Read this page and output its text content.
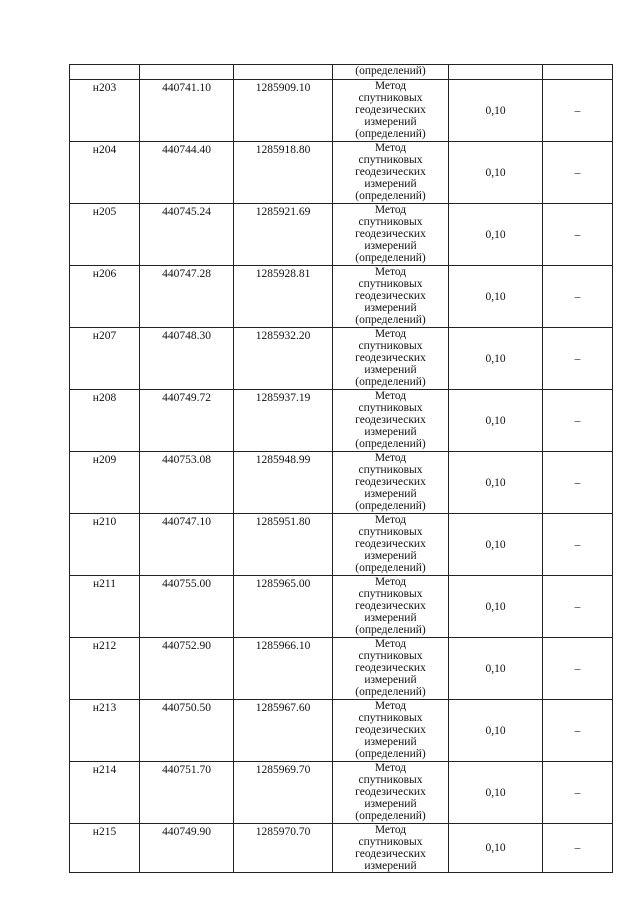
			(определений)		
н203	440741.10	1285909.10	Метод
спутниковых
геодезических
измерений
(определений)	0,10	–
н204	440744.40	1285918.80	Метод
спутниковых
геодезических
измерений
(определений)	0,10	–
н205	440745.24	1285921.69	Метод
спутниковых
геодезических
измерений
(определений)	0,10	–
н206	440747.28	1285928.81	Метод
спутниковых
геодезических
измерений
(определений)	0,10	–
н207	440748.30	1285932.20	Метод
спутниковых
геодезических
измерений
(определений)	0,10	–
н208	440749.72	1285937.19	Метод
спутниковых
геодезических
измерений
(определений)	0,10	–
н209	440753.08	1285948.99	Метод
спутниковых
геодезических
измерений
(определений)	0,10	–
н210	440747.10	1285951.80	Метод
спутниковых
геодезических
измерений
(определений)	0,10	–
н211	440755.00	1285965.00	Метод
спутниковых
геодезических
измерений
(определений)	0,10	–
н212	440752.90	1285966.10	Метод
спутниковых
геодезических
измерений
(определений)	0,10	–
н213	440750.50	1285967.60	Метод
спутниковых
геодезических
измерений
(определений)	0,10	–
н214	440751.70	1285969.70	Метод
спутниковых
геодезических
измерений
(определений)	0,10	–
н215	440749.90	1285970.70	Метод
спутниковых
геодезических
измерений	0,10	–
